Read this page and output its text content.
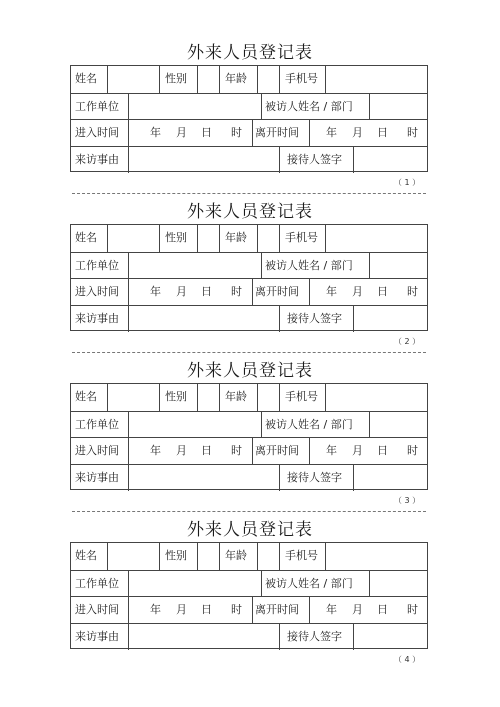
外来人员登记表
姓名	性别	年龄	手机号
工作单位	被访人姓名 / 部门
进入时间	年 月 日 时 离开时间 年 月 日 时
来访事由	接待人签字
（ 1 ）
外来人员登记表
姓名	性别	年龄	手机号
工作单位	被访人姓名 / 部门
进入时间	年 月 日 时 离开时间 年 月 日 时
来访事由	接待人签字
（ 2 ）
外来人员登记表
姓名	性别	年龄	手机号
工作单位	被访人姓名 / 部门
进入时间	年 月 日 时 离开时间 年 月 日 时
来访事由	接待人签字
（ 3 ）
外来人员登记表
姓名	性别	年龄	手机号
工作单位	被访人姓名 / 部门
进入时间	年 月 日 时 离开时间 年 月 日 时
来访事由	接待人签字
（ 4 ）
